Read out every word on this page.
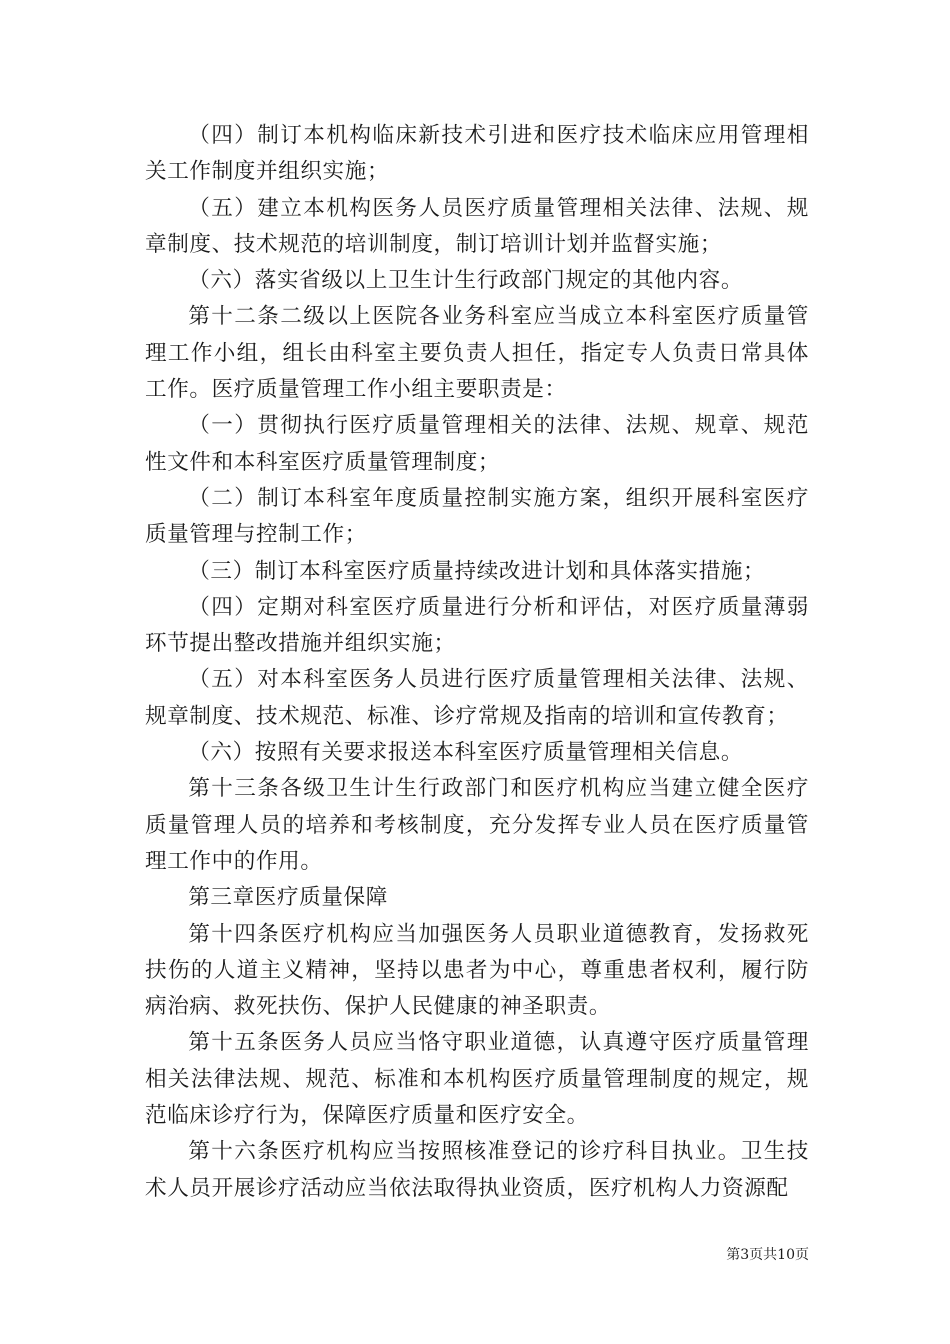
（四）制订本机构临床新技术引进和医疗技术临床应用管理相关工作制度并组织实施；

（五）建立本机构医务人员医疗质量管理相关法律、法规、规章制度、技术规范的培训制度，制订培训计划并监督实施；

（六）落实省级以上卫生计生行政部门规定的其他内容。

第十二条二级以上医院各业务科室应当成立本科室医疗质量管理工作小组，组长由科室主要负责人担任，指定专人负责日常具体工作。医疗质量管理工作小组主要职责是：

（一）贯彻执行医疗质量管理相关的法律、法规、规章、规范性文件和本科室医疗质量管理制度；

（二）制订本科室年度质量控制实施方案，组织开展科室医疗质量管理与控制工作；

（三）制订本科室医疗质量持续改进计划和具体落实措施；

（四）定期对科室医疗质量进行分析和评估，对医疗质量薄弱环节提出整改措施并组织实施；

（五）对本科室医务人员进行医疗质量管理相关法律、法规、规章制度、技术规范、标准、诊疗常规及指南的培训和宣传教育；

（六）按照有关要求报送本科室医疗质量管理相关信息。

第十三条各级卫生计生行政部门和医疗机构应当建立健全医疗质量管理人员的培养和考核制度，充分发挥专业人员在医疗质量管理工作中的作用。

第三章医疗质量保障

第十四条医疗机构应当加强医务人员职业道德教育，发扬救死扶伤的人道主义精神，坚持以患者为中心，尊重患者权利，履行防病治病、救死扶伤、保护人民健康的神圣职责。

第十五条医务人员应当恪守职业道德，认真遵守医疗质量管理相关法律法规、规范、标准和本机构医疗质量管理制度的规定，规范临床诊疗行为，保障医疗质量和医疗安全。

第十六条医疗机构应当按照核准登记的诊疗科目执业。卫生技术人员开展诊疗活动应当依法取得执业资质，医疗机构人力资源配

第3页共10页
